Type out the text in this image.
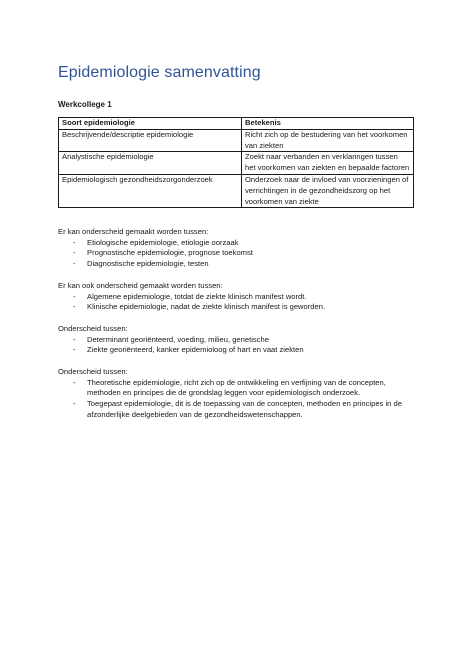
Epidemiologie samenvatting
Werkcollege 1
Soort epidemiologie	Betekenis
Beschrijvende/descriptie epidemiologie	Richt zich op de bestudering van het voorkomen van ziekten
Analystische epidemiologie	Zoekt naar verbanden en verklaringen tussen het voorkomen van ziekten en bepaalde factoren
Epidemiologisch gezondheidszorgonderzoek	Onderzoek naar de invloed van voorzieningen of verrichtingen in de gezondheidszorg op het voorkomen van ziekte
Er kan onderscheid gemaakt worden tussen:
- Etiologische epidemiologie, etiologie oorzaak
- Prognostische epidemiologie, prognose toekomst
- Diagnostische epidemiologie, testen
Er kan ook onderscheid gemaakt worden tussen:
- Algemene epidemiologie, totdat de ziekte klinisch manifest wordt.
- Klinische epidemiologie, nadat de ziekte klinisch manifest is geworden.
Onderscheid tussen:
- Determinant georiënteerd, voeding, milieu, genetische
- Ziekte georiënteerd, kanker epidemioloog of hart en vaat ziekten
Onderscheid tussen:
- Theoretische epidemiologie, richt zich op de ontwikkeling en verfijning van de concepten, methoden en principes die de grondslag leggen voor epidemiologisch onderzoek.
- Toegepast epidemiologie, dit is de toepassing van de concepten, methoden en principes in de afzonderlijke deelgebieden van de gezondheidswetenschappen.
